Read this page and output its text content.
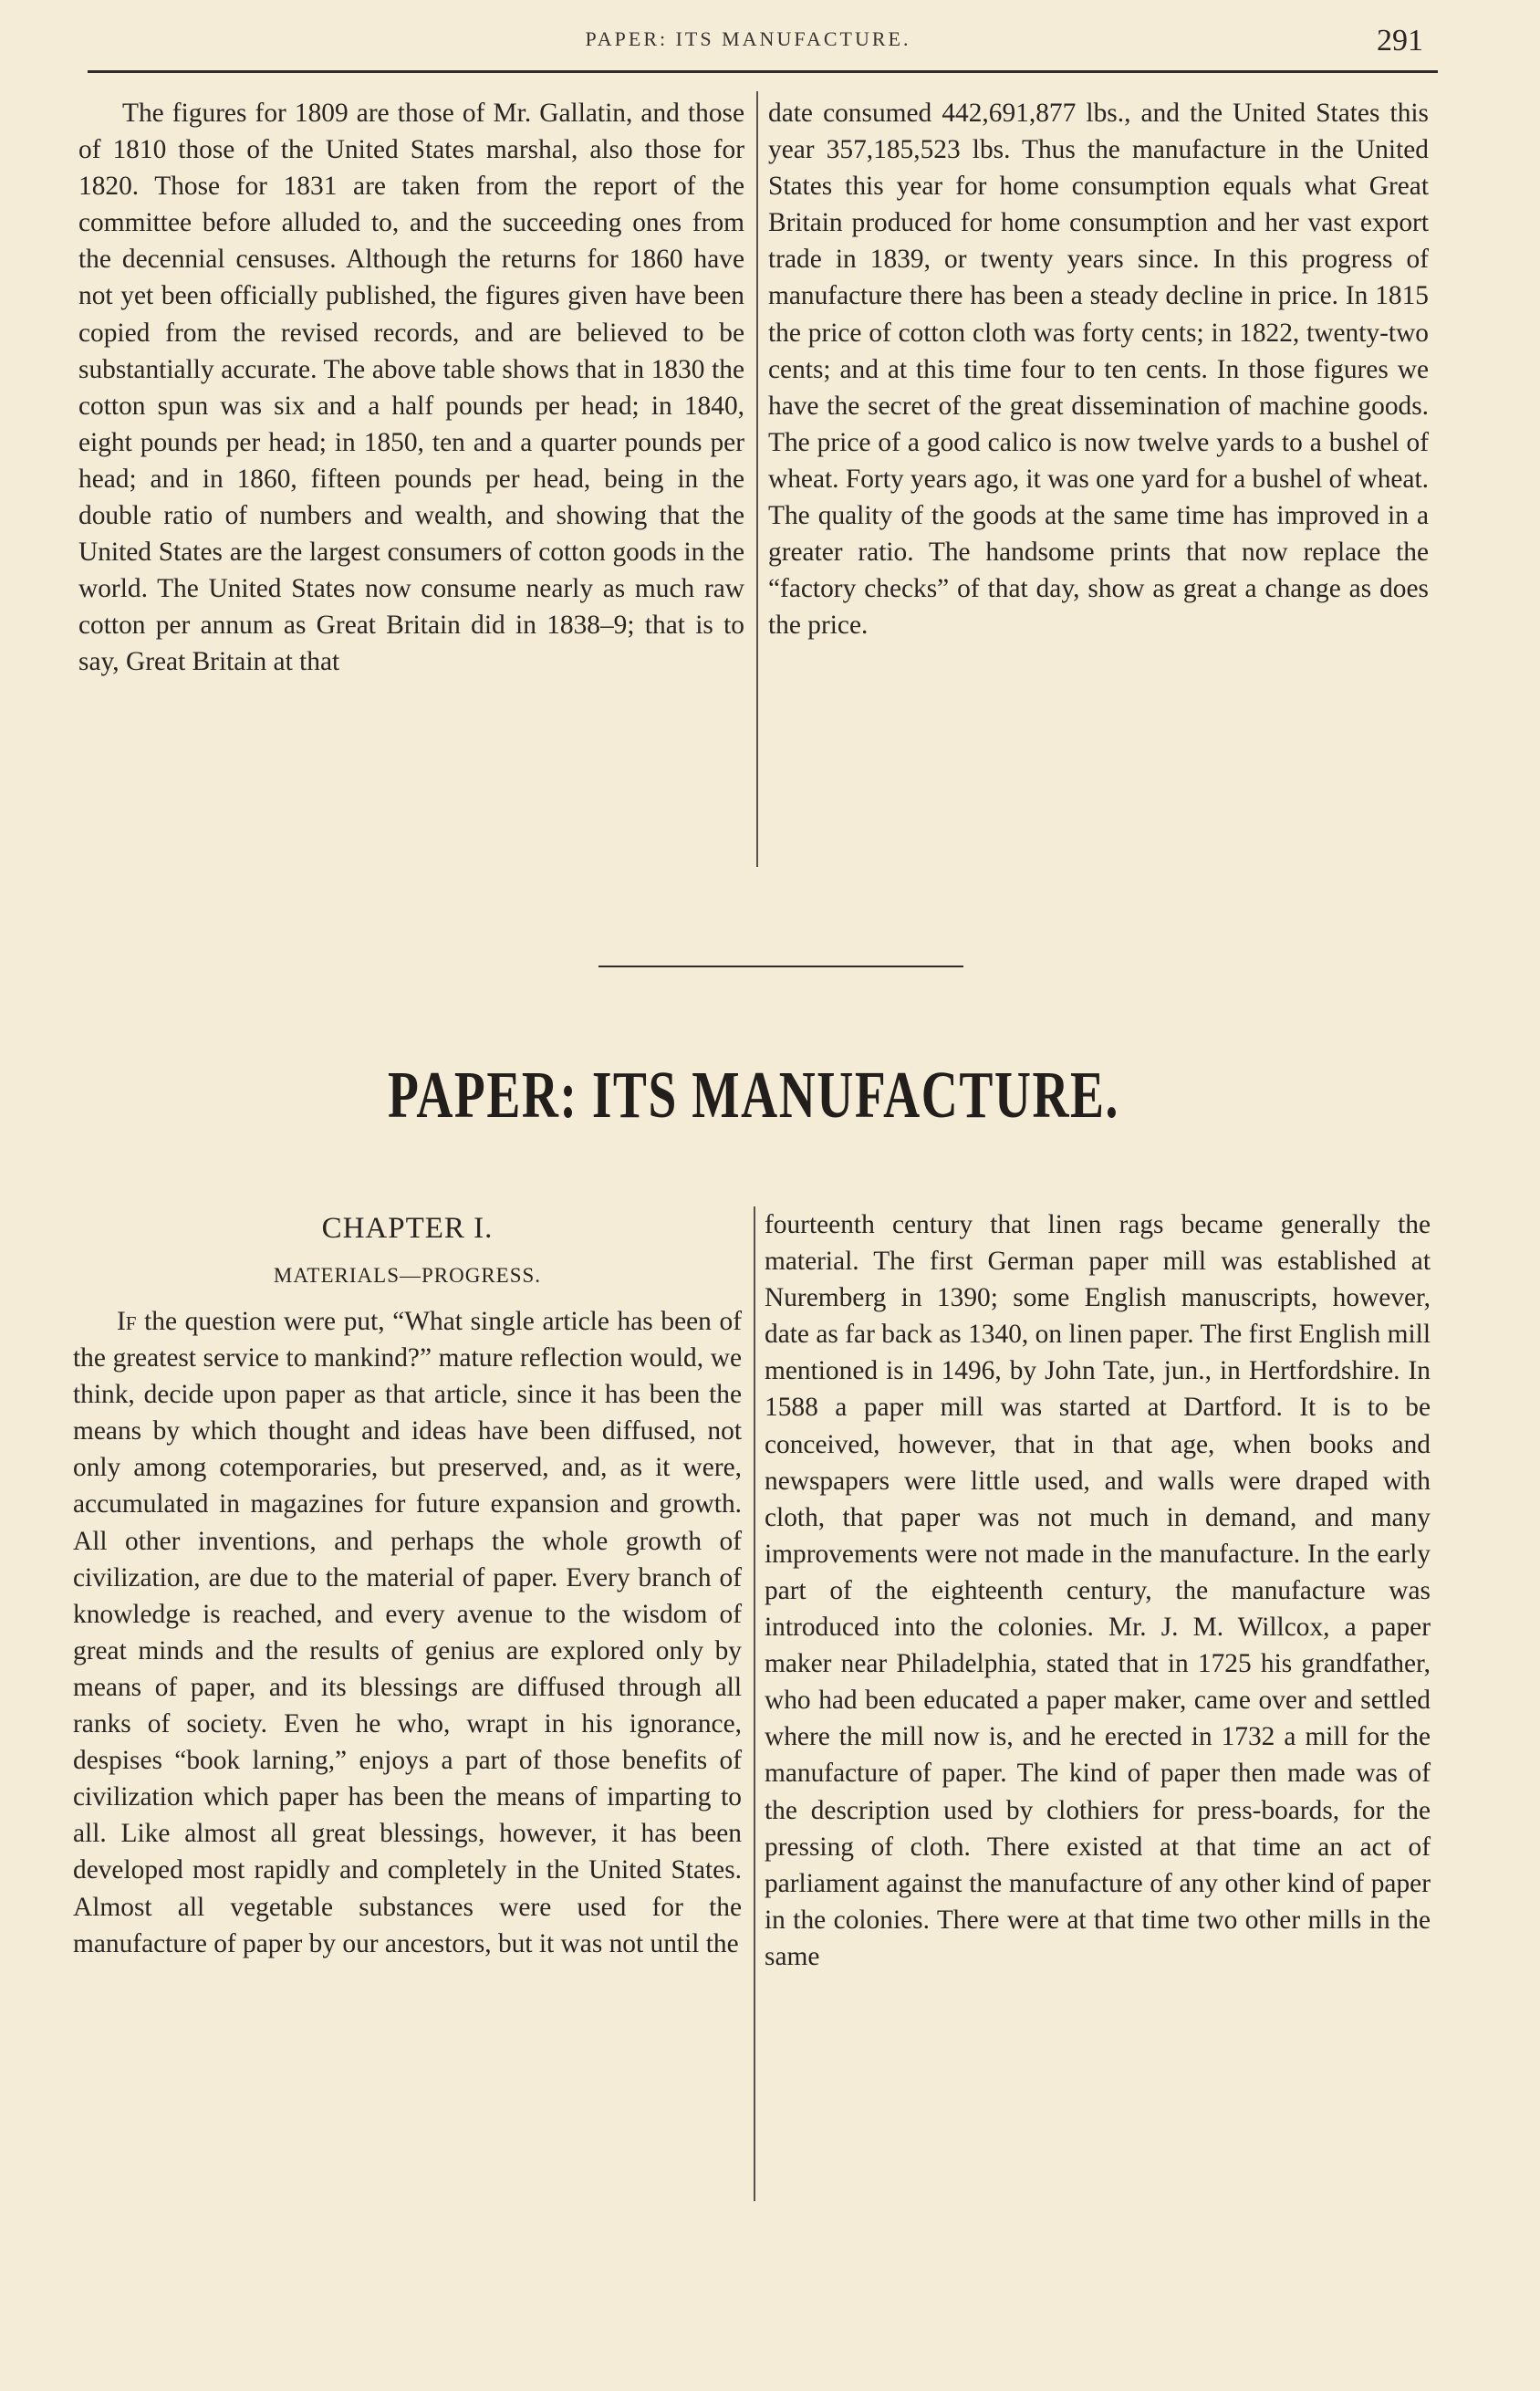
PAPER: ITS MANUFACTURE.	291

The figures for 1809 are those of Mr. Gallatin, and those of 1810 those of the United States marshal, also those for 1820. Those for 1831 are taken from the report of the committee before alluded to, and the succeeding ones from the decennial censuses. Although the returns for 1860 have not yet been officially published, the figures given have been copied from the revised records, and are believed to be substantially accurate. The above table shows that in 1830 the cotton spun was six and a half pounds per head; in 1840, eight pounds per head; in 1850, ten and a quarter pounds per head; and in 1860, fifteen pounds per head, being in the double ratio of numbers and wealth, and showing that the United States are the largest consumers of cotton goods in the world. The United States now consume nearly as much raw cotton per annum as Great Britain did in 1838–9; that is to say, Great Britain at that

date consumed 442,691,877 lbs., and the United States this year 357,185,523 lbs. Thus the manufacture in the United States this year for home consumption equals what Great Britain produced for home consumption and her vast export trade in 1839, or twenty years since. In this progress of manufacture there has been a steady decline in price. In 1815 the price of cotton cloth was forty cents; in 1822, twenty-two cents; and at this time four to ten cents. In those figures we have the secret of the great dissemination of machine goods. The price of a good calico is now twelve yards to a bushel of wheat. Forty years ago, it was one yard for a bushel of wheat. The quality of the goods at the same time has improved in a greater ratio. The handsome prints that now replace the “factory checks” of that day, show as great a change as does the price.

PAPER: ITS MANUFACTURE.
CHAPTER I.
MATERIALS—PROGRESS.

If the question were put, “What single article has been of the greatest service to mankind?” mature reflection would, we think, decide upon paper as that article, since it has been the means by which thought and ideas have been diffused, not only among cotemporaries, but preserved, and, as it were, accumulated in magazines for future expansion and growth. All other inventions, and perhaps the whole growth of civilization, are due to the material of paper. Every branch of knowledge is reached, and every avenue to the wisdom of great minds and the results of genius are explored only by means of paper, and its blessings are diffused through all ranks of society. Even he who, wrapt in his ignorance, despises “book larning,” enjoys a part of those benefits of civilization which paper has been the means of imparting to all. Like almost all great blessings, however, it has been developed most rapidly and completely in the United States. Almost all vegetable substances were used for the manufacture of paper by our ancestors, but it was not until the

fourteenth century that linen rags became generally the material. The first German paper mill was established at Nuremberg in 1390; some English manuscripts, however, date as far back as 1340, on linen paper. The first English mill mentioned is in 1496, by John Tate, jun., in Hertfordshire. In 1588 a paper mill was started at Dartford. It is to be conceived, however, that in that age, when books and newspapers were little used, and walls were draped with cloth, that paper was not much in demand, and many improvements were not made in the manufacture. In the early part of the eighteenth century, the manufacture was introduced into the colonies. Mr. J. M. Willcox, a paper maker near Philadelphia, stated that in 1725 his grandfather, who had been educated a paper maker, came over and settled where the mill now is, and he erected in 1732 a mill for the manufacture of paper. The kind of paper then made was of the description used by clothiers for press-boards, for the pressing of cloth. There existed at that time an act of parliament against the manufacture of any other kind of paper in the colonies. There were at that time two other mills in the same
